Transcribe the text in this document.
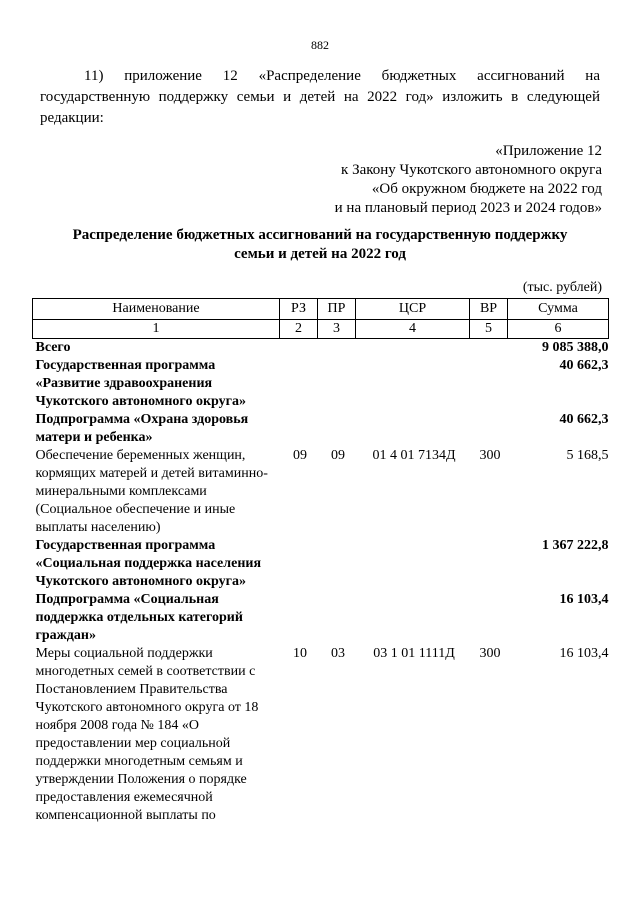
882

11) приложение 12 «Распределение бюджетных ассигнований на государственную поддержку семьи и детей на 2022 год» изложить в следующей редакции:

«Приложение 12
к Закону Чукотского автономного округа
«Об окружном бюджете на 2022 год
и на плановый период 2023 и 2024 годов»
Распределение бюджетных ассигнований на государственную поддержку
семьи и детей на 2022 год
(тыс. рублей)
Наименование	РЗ	ПР	ЦСР	ВР	Сумма
1	2	3	4	5	6
Всего					9 085 388,0
Государственная программа «Развитие здравоохранения Чукотского автономного округа»					40 662,3
Подпрограмма «Охрана здоровья матери и ребенка»					40 662,3
Обеспечение беременных женщин, кормящих матерей и детей витаминно-минеральными комплексами (Социальное обеспечение и иные выплаты населению)	09	09	01 4 01 7134Д	300	5 168,5
Государственная программа «Социальная поддержка населения Чукотского автономного округа»					1 367 222,8
Подпрограмма «Социальная поддержка отдельных категорий граждан»					16 103,4
Меры социальной поддержки многодетных семей в соответствии с Постановлением Правительства Чукотского автономного округа от 18 ноября 2008 года № 184 «О предоставлении мер социальной поддержки многодетным семьям и утверждении Положения о порядке предоставления ежемесячной компенсационной выплаты по	10	03	03 1 01 1111Д	300	16 103,4
